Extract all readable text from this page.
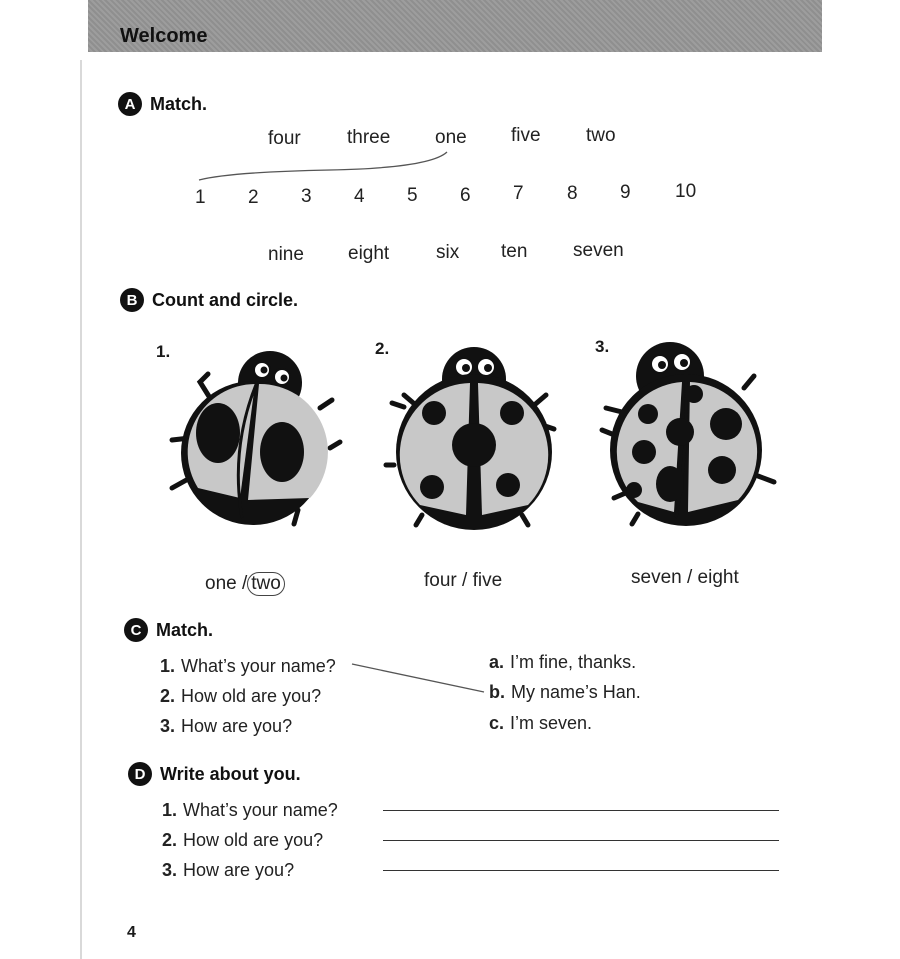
Welcome
A Match.
four three one five two
1 2 3 4 5 6 7 8 9 10
nine eight six ten seven
B Count and circle.
1.	2.	3.
one / two	four / five	seven / eight
C Match.
1. What’s your name?
2. How old are you?
3. How are you?
a. I’m fine, thanks.
b. My name’s Han.
c. I’m seven.
D Write about you.
1. What’s your name?
2. How old are you?
3. How are you?
4
